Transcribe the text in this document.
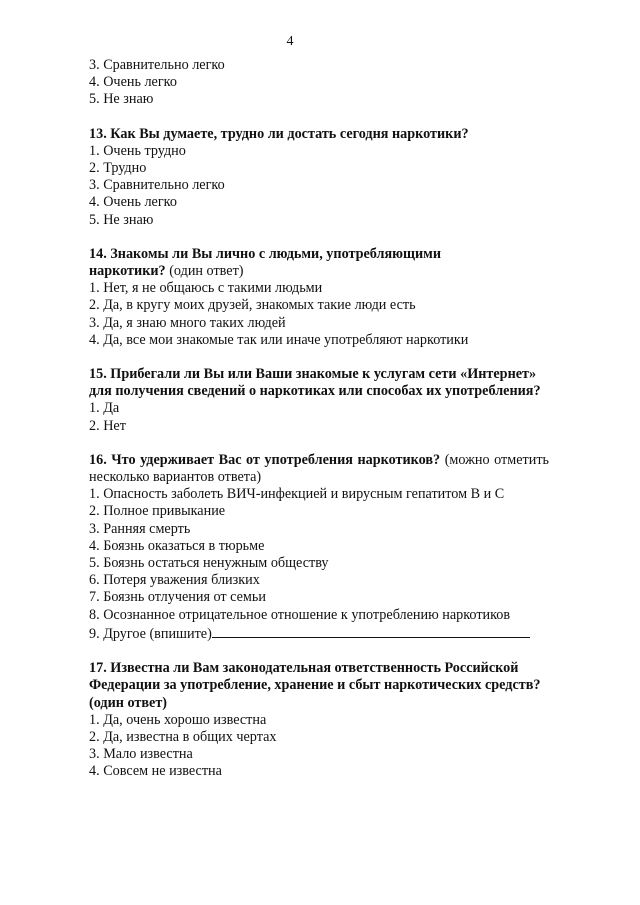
4
3. Сравнительно легко
4. Очень легко
5. Не знаю
13. Как Вы думаете, трудно ли достать сегодня наркотики?
1. Очень трудно
2. Трудно
3. Сравнительно легко
4. Очень легко
5. Не знаю
14. Знакомы ли Вы лично с людьми, употребляющими наркотики? (один ответ)
1. Нет, я не общаюсь с такими людьми
2. Да, в кругу моих друзей, знакомых такие люди есть
3. Да, я знаю много таких людей
4. Да, все мои знакомые так или иначе употребляют наркотики
15. Прибегали ли Вы или Ваши знакомые к услугам сети «Интернет» для получения сведений о наркотиках или способах их употребления?
1. Да
2. Нет
16. Что удерживает Вас от употребления наркотиков? (можно отметить несколько вариантов ответа)
1. Опасность заболеть ВИЧ-инфекцией и вирусным гепатитом В и С
2. Полное привыкание
3. Ранняя смерть
4. Боязнь оказаться в тюрьме
5. Боязнь остаться ненужным обществу
6. Потеря уважения близких
7. Боязнь отлучения от семьи
8. Осознанное отрицательное отношение к употреблению наркотиков
9. Другое (впишите)
17. Известна ли Вам законодательная ответственность Российской Федерации за употребление, хранение и сбыт наркотических средств? (один ответ)
1. Да, очень хорошо известна
2. Да, известна в общих чертах
3. Мало известна
4. Совсем не известна
